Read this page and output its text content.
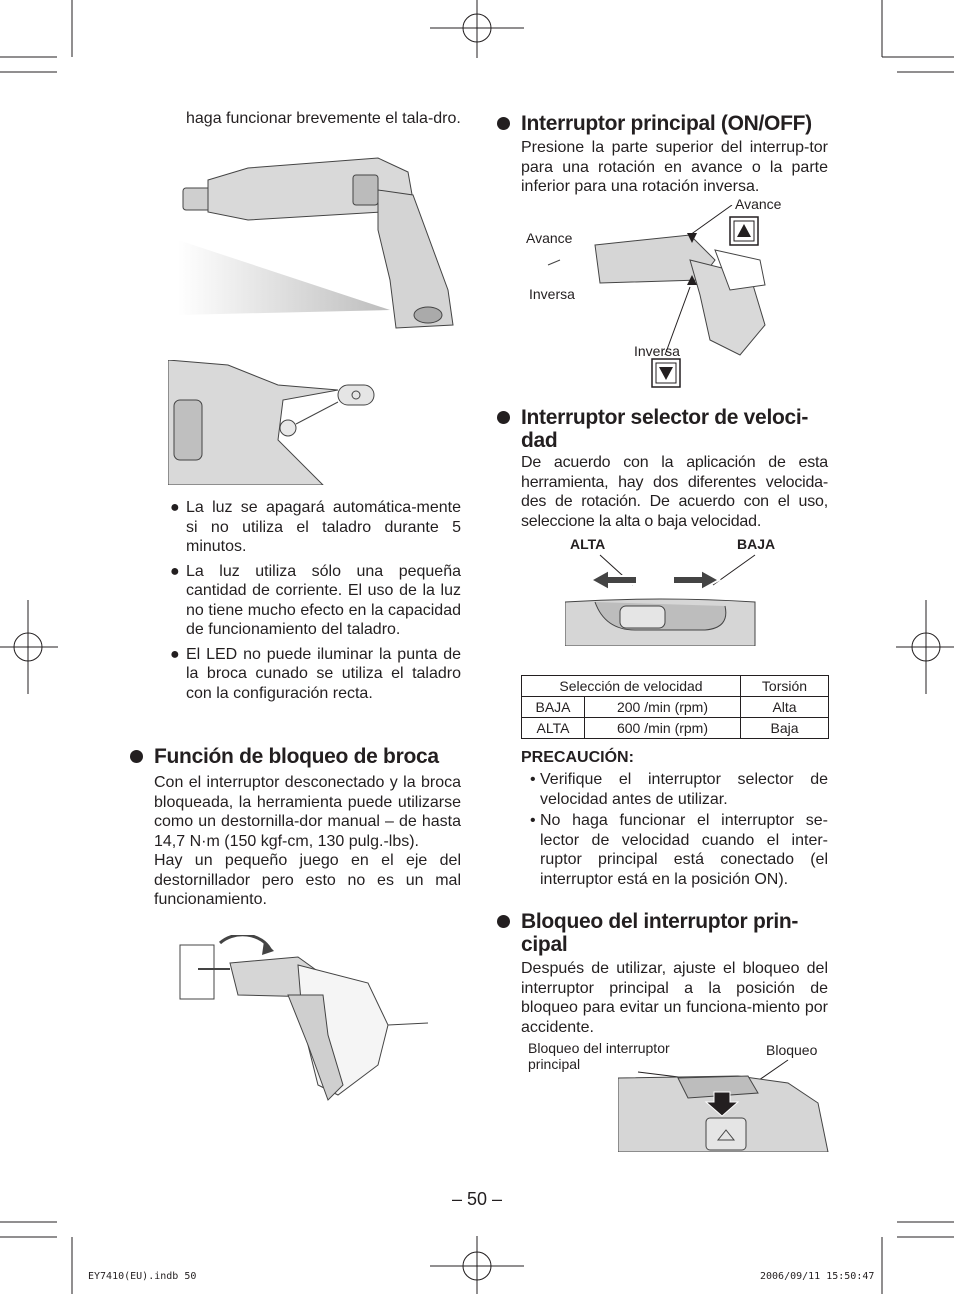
haga funcionar brevemente el tala-dro.
● La luz se apagará automática-mente si no utiliza el taladro durante 5 minutos.
● La luz utiliza sólo una pequeña cantidad de corriente. El uso de la luz no tiene mucho efecto en la capacidad de funcionamiento del taladro.
● El LED no puede iluminar la punta de la broca cunado se utiliza el taladro con la configuración recta.
Función de bloqueo de broca
Con el interruptor desconectado y la broca bloqueada, la herramienta puede utilizarse como un destornilla-dor manual – de hasta 14,7 N·m (150 kgf-cm, 130 pulg.-lbs).
Hay un pequeño juego en el eje del destornillador pero esto no es un mal funcionamiento.
Interruptor principal (ON/OFF)
Presione la parte superior del interrup-tor para una rotación en avance o la parte inferior para una rotación inversa.
Avance
Avance
Inversa
Inversa
Interruptor selector de veloci-
dad
De acuerdo con la aplicación de esta herramienta, hay dos diferentes velocida-des de rotación. De acuerdo con el uso, seleccione la alta o baja velocidad.
ALTA	BAJA
Selección de velocidad		Torsión
BAJA	200 /min (rpm)	Alta
ALTA	600 /min (rpm)	Baja
PRECAUCIÓN:
• Verifique el interruptor selector de velocidad antes de utilizar.
• No haga funcionar el interruptor se-lector de velocidad cuando el inter-ruptor principal está conectado (el interruptor está en la posición ON).
Bloqueo del interruptor prin-
cipal
Después de utilizar, ajuste el bloqueo del interruptor principal a la posición de bloqueo para evitar un funciona-miento por accidente.
Bloqueo del interruptor
principal
Bloqueo
– 50 –
EY7410(EU).indb 50	2006/09/11 15:50:47
